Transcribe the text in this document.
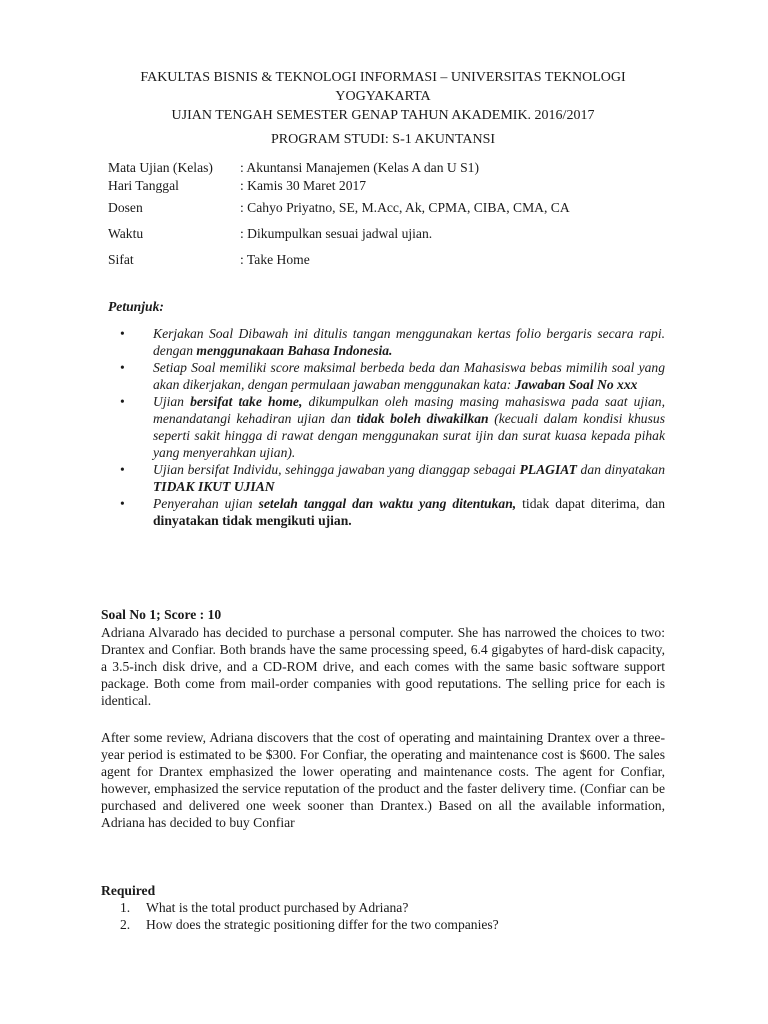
FAKULTAS BISNIS & TEKNOLOGI INFORMASI – UNIVERSITAS TEKNOLOGI
YOGYAKARTA
UJIAN TENGAH SEMESTER GENAP TAHUN AKADEMIK. 2016/2017
PROGRAM STUDI: S-1 AKUNTANSI
Mata Ujian (Kelas) : Akuntansi Manajemen (Kelas A dan U S1)
Hari Tanggal	: Kamis 30 Maret 2017
Dosen	: Cahyo Priyatno, SE, M.Acc, Ak, CPMA, CIBA, CMA, CA
Waktu	: Dikumpulkan sesuai jadwal ujian.
Sifat	: Take Home
Petunjuk:
• Kerjakan Soal Dibawah ini ditulis tangan menggunakan kertas folio bergaris secara rapi. dengan menggunakaan Bahasa Indonesia.
• Setiap Soal memiliki score maksimal berbeda beda dan Mahasiswa bebas mimilih soal yang akan dikerjakan, dengan permulaan jawaban menggunakan kata: Jawaban Soal No xxx
• Ujian bersifat take home, dikumpulkan oleh masing masing mahasiswa pada saat ujian, menandatangi kehadiran ujian dan tidak boleh diwakilkan (kecuali dalam kondisi khusus seperti sakit hingga di rawat dengan menggunakan surat ijin dan surat kuasa kepada pihak yang menyerahkan ujian).
• Ujian bersifat Individu, sehingga jawaban yang dianggap sebagai PLAGIAT dan dinyatakan TIDAK IKUT UJIAN
• Penyerahan ujian setelah tanggal dan waktu yang ditentukan, tidak dapat diterima, dan dinyatakan tidak mengikuti ujian.
Soal No 1; Score : 10

Adriana Alvarado has decided to purchase a personal computer. She has narrowed the choices to two: Drantex and Confiar. Both brands have the same processing speed, 6.4 gigabytes of hard-disk capacity, a 3.5-inch disk drive, and a CD-ROM drive, and each comes with the same basic software support package. Both come from mail-order companies with good reputations. The selling price for each is identical.

After some review, Adriana discovers that the cost of operating and maintaining Drantex over a three-year period is estimated to be $300. For Confiar, the operating and maintenance cost is $600. The sales agent for Drantex emphasized the lower operating and maintenance costs. The agent for Confiar, however, emphasized the service reputation of the product and the faster delivery time. (Confiar can be purchased and delivered one week sooner than Drantex.) Based on all the available information, Adriana has decided to buy Confiar

Required
1. What is the total product purchased by Adriana?
2. How does the strategic positioning differ for the two companies?
